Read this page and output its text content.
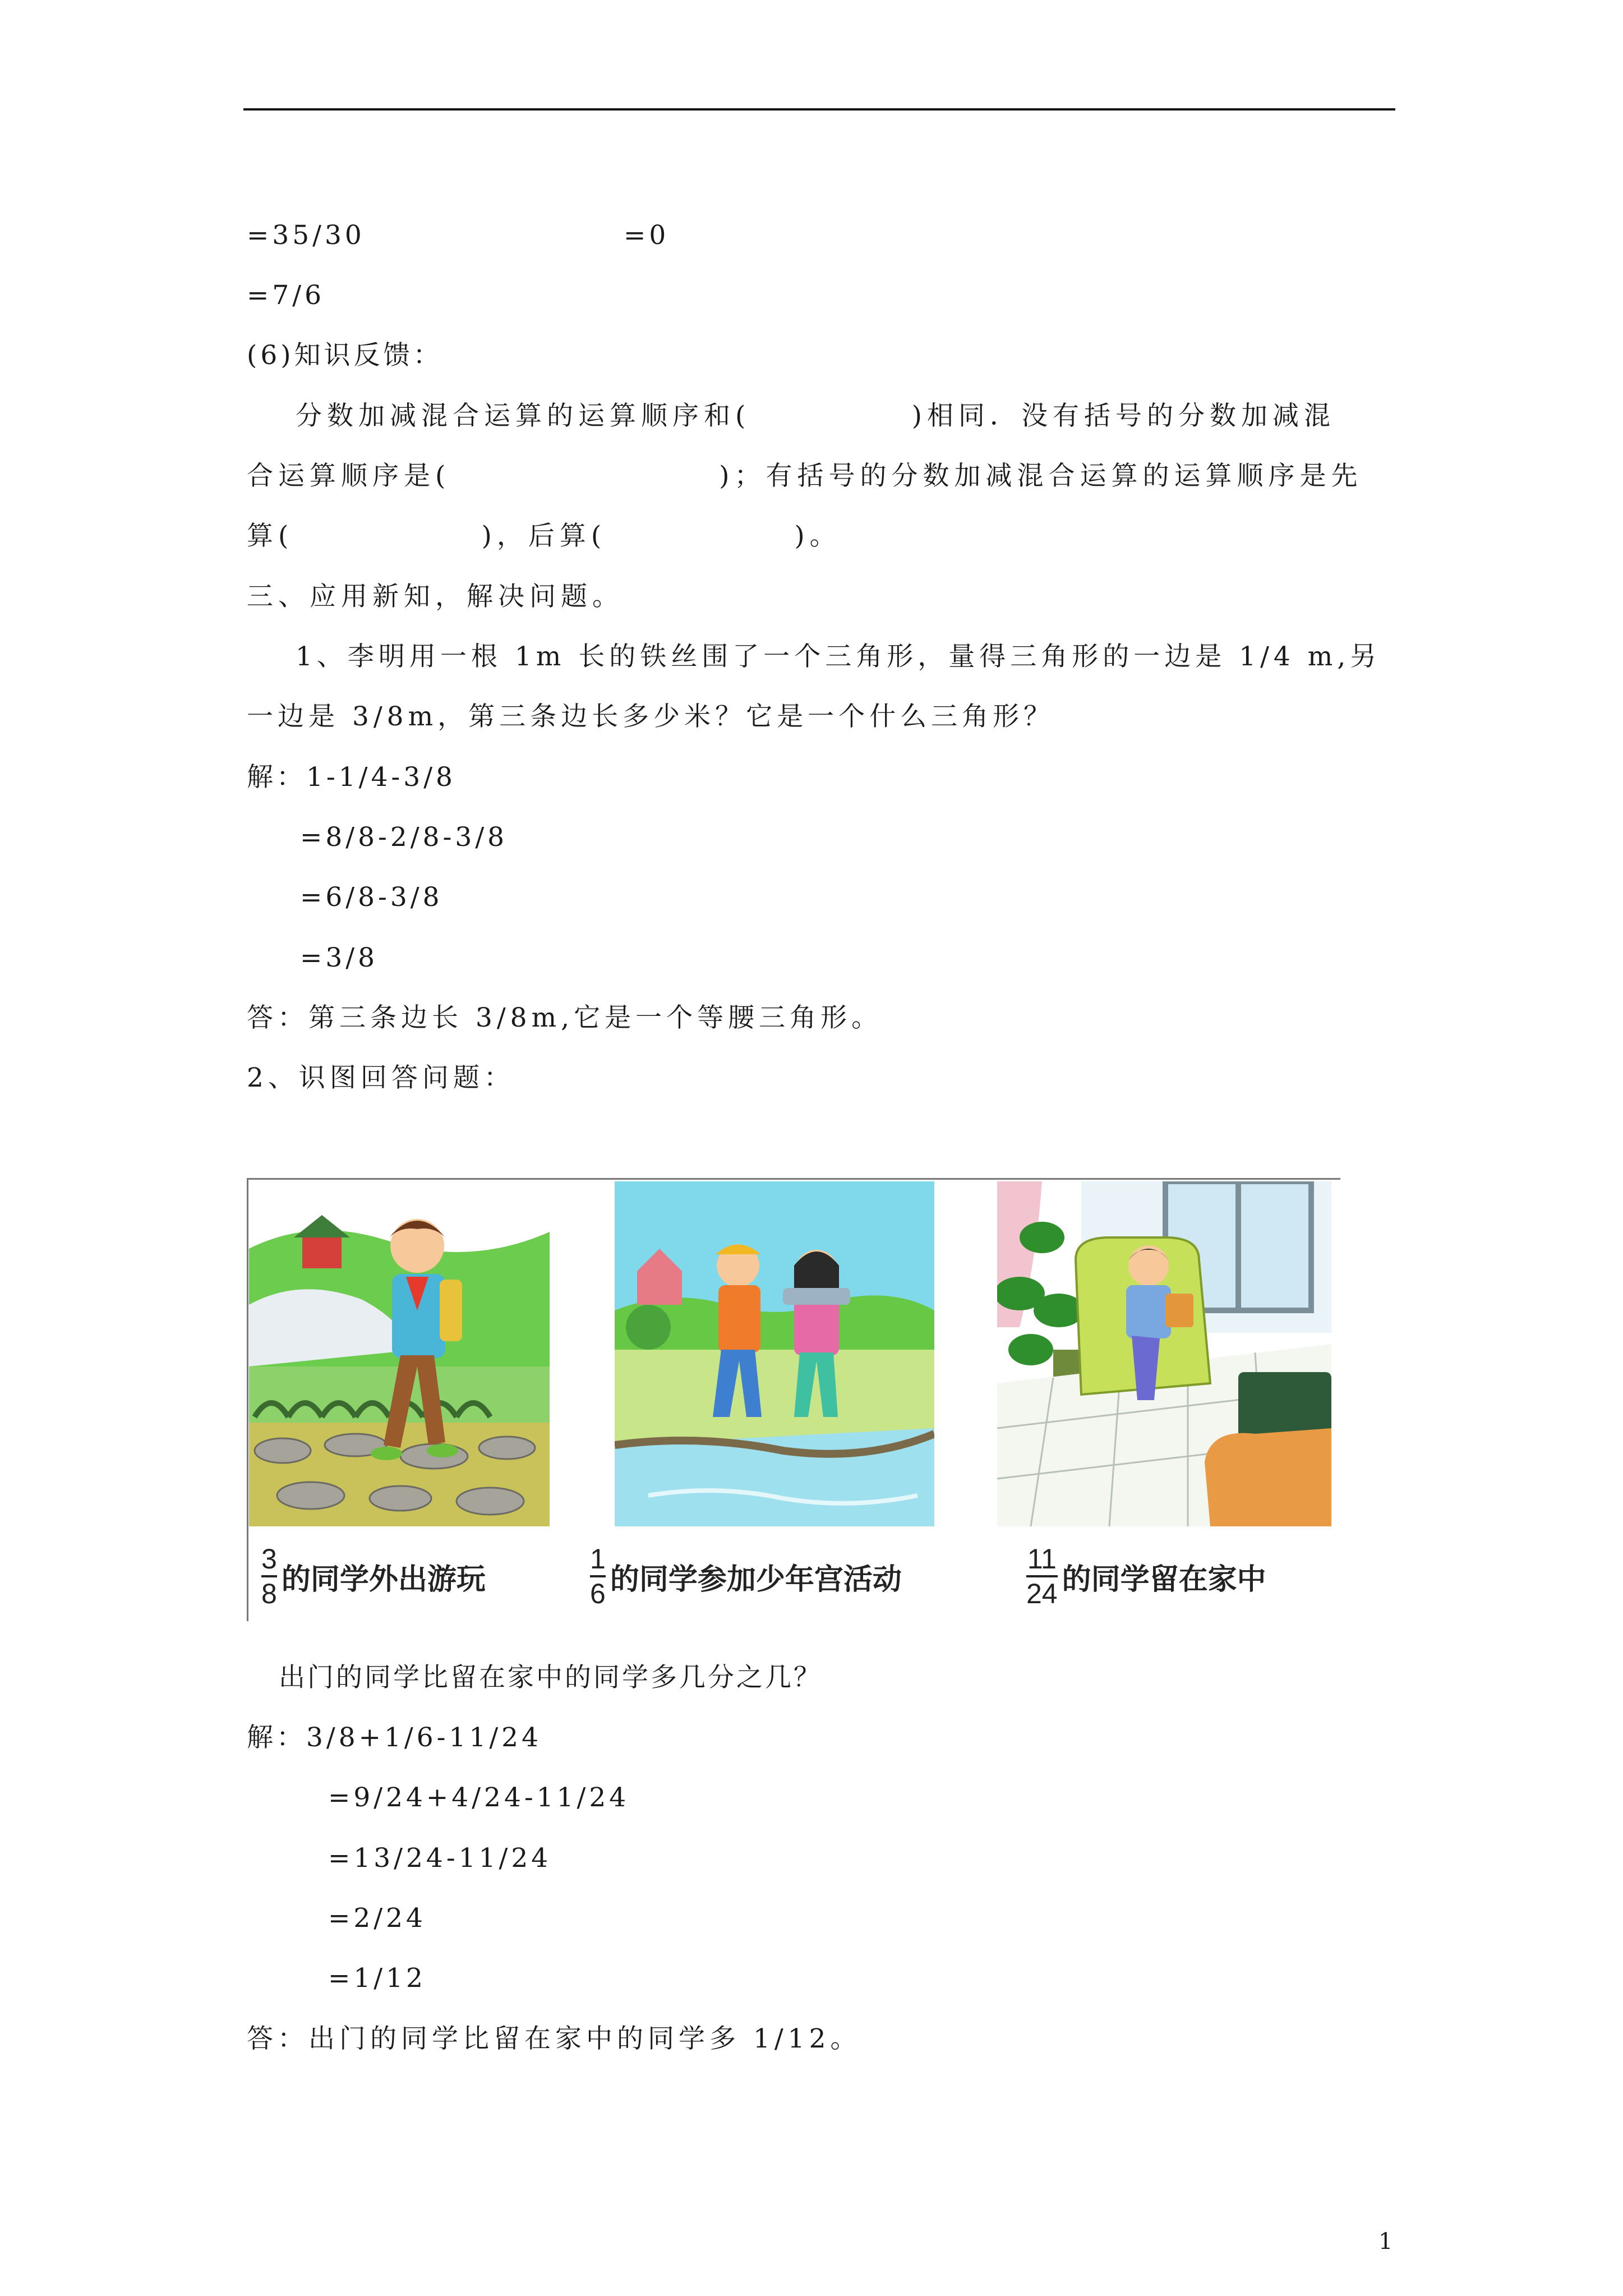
=35/30	=0
=7/6
(6)知识反馈：
分数加减混合运算的运算顺序和(            )相同．没有括号的分数加减混
合运算顺序是(                    )；有括号的分数加减混合运算的运算顺序是先
算(              )，后算(              )。
三、应用新知，解决问题。
1、李明用一根 1m 长的铁丝围了一个三角形，量得三角形的一边是 1/4 m,另
一边是 3/8m，第三条边长多少米？它是一个什么三角形？
解：1-1/4-3/8
=8/8-2/8-3/8
=6/8-3/8
=3/8
答：第三条边长 3/8m,它是一个等腰三角形。
2、识图回答问题：
$\frac{3}{8}$ 的同学外出游玩	$\frac{1}{6}$ 的同学参加少年宫活动	$\frac{11}{24}$ 的同学留在家中
出门的同学比留在家中的同学多几分之几？
解：3/8+1/6-11/24
=9/24+4/24-11/24
=13/24-11/24
=2/24
=1/12
答：出门的同学比留在家中的同学多 1/12。
1
